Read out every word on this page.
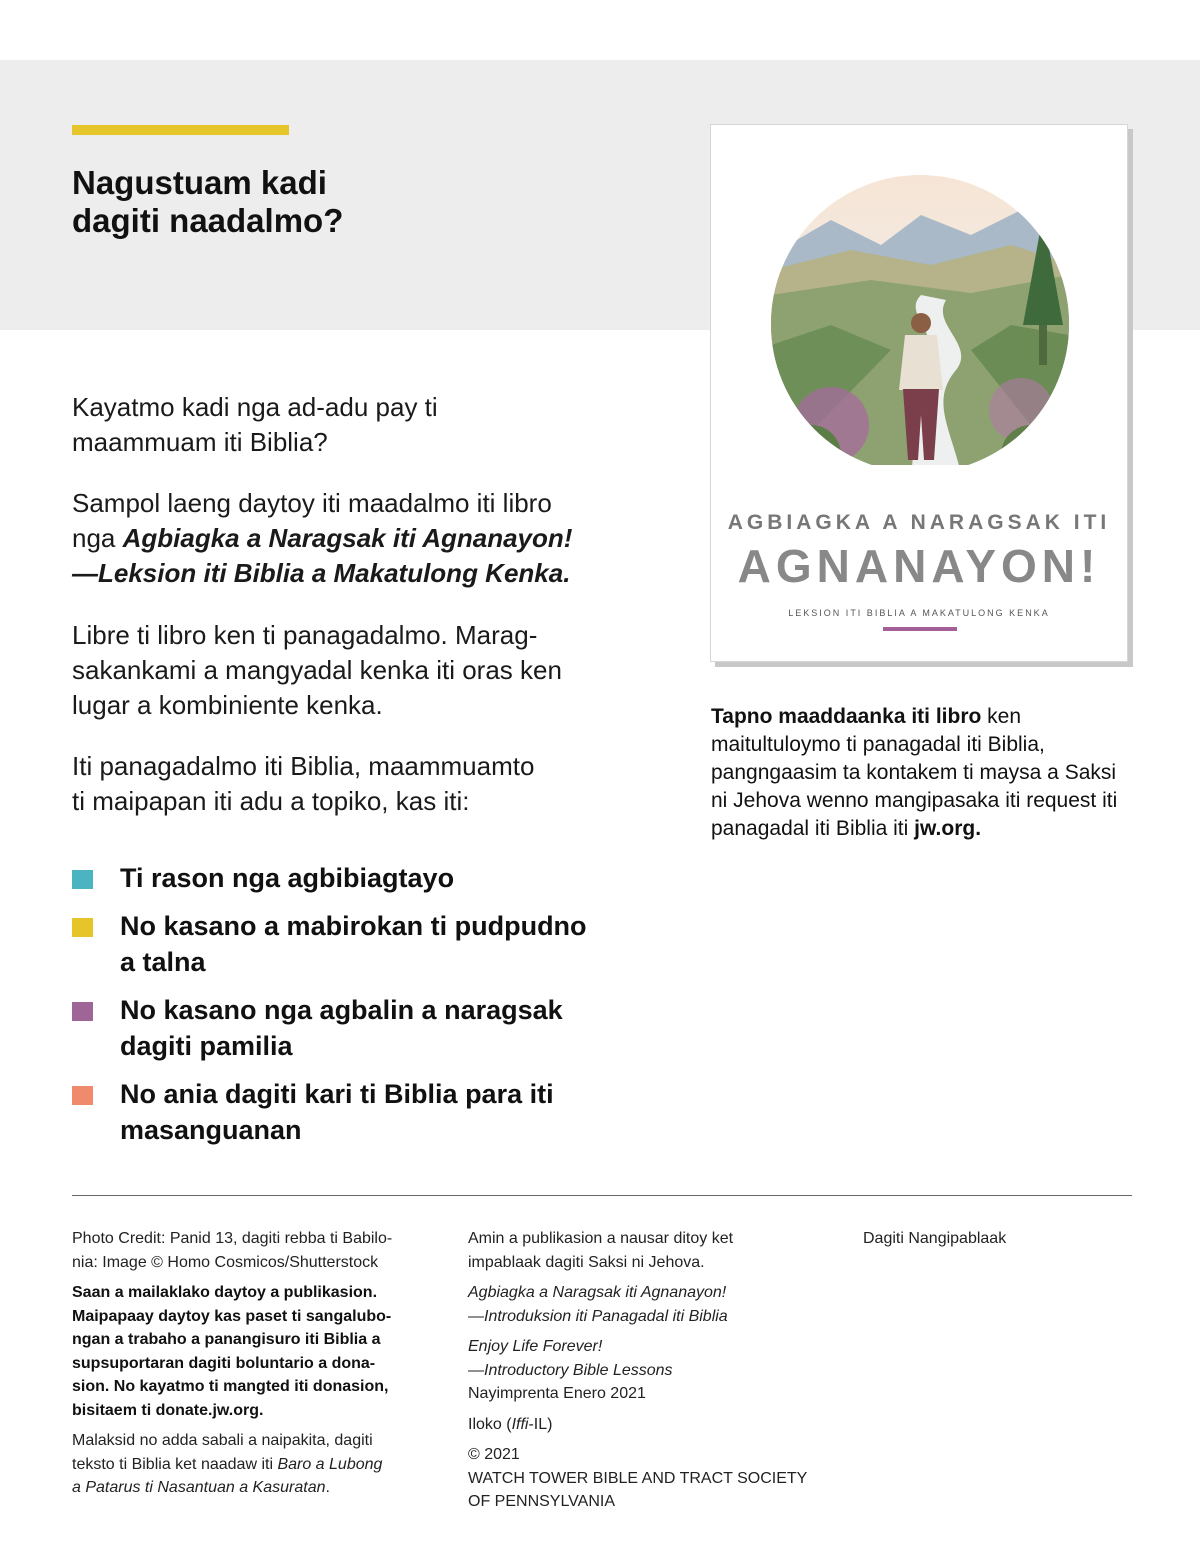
Nagustuam kadi
dagiti naadalmo?

Kayatmo kadi nga ad-adu pay ti
maammuam iti Biblia?

Sampol laeng daytoy iti maadalmo iti libro
nga Agbiagka a Naragsak iti Agnanayon!
—Leksion iti Biblia a Makatulong Kenka.

Libre ti libro ken ti panagadalmo. Marag-
sakankami a mangyadal kenka iti oras ken
lugar a kombiniente kenka.

Iti panagadalmo iti Biblia, maammuamto
ti maipapan iti adu a topiko, kas iti:

Ti rason nga agbibiagtayo
No kasano a mabirokan ti pudpudno
a talna
No kasano nga agbalin a naragsak
dagiti pamilia
No ania dagiti kari ti Biblia para iti
masanguanan
AGBIAGKA A NARAGSAK ITI
AGNANAYON!
LEKSION ITI BIBLIA A MAKATULONG KENKA

Tapno maaddaanka iti libro ken maitultuloymo ti panagadal iti Biblia, pangngaasim ta kontakem ti maysa a Saksi ni Jehova wenno mangipasaka iti request iti panagadal iti Biblia iti jw.org.

Photo Credit: Panid 13, dagiti rebba ti Babilo-
nia: Image © Homo Cosmicos/Shutterstock

Saan a mailaklako daytoy a publikasion.
Maipapaay daytoy kas paset ti sangalubo-
ngan a trabaho a panangisuro iti Biblia a
supsuportaran dagiti boluntario a dona-
sion. No kayatmo ti mangted iti donasion,
bisitaem ti donate.jw.org.

Malaksid no adda sabali a naipakita, dagiti
teksto ti Biblia ket naadaw iti Baro a Lubong
a Patarus ti Nasantuan a Kasuratan.

Amin a publikasion a nausar ditoy ket
impablaak dagiti Saksi ni Jehova.

Agbiagka a Naragsak iti Agnanayon!
—Introduksion iti Panagadal iti Biblia

Enjoy Life Forever!
—Introductory Bible Lessons
Nayimprenta Enero 2021

Iloko (Iffi-IL)

© 2021
WATCH TOWER BIBLE AND TRACT SOCIETY
OF PENNSYLVANIA

Dagiti Nangipablaak
